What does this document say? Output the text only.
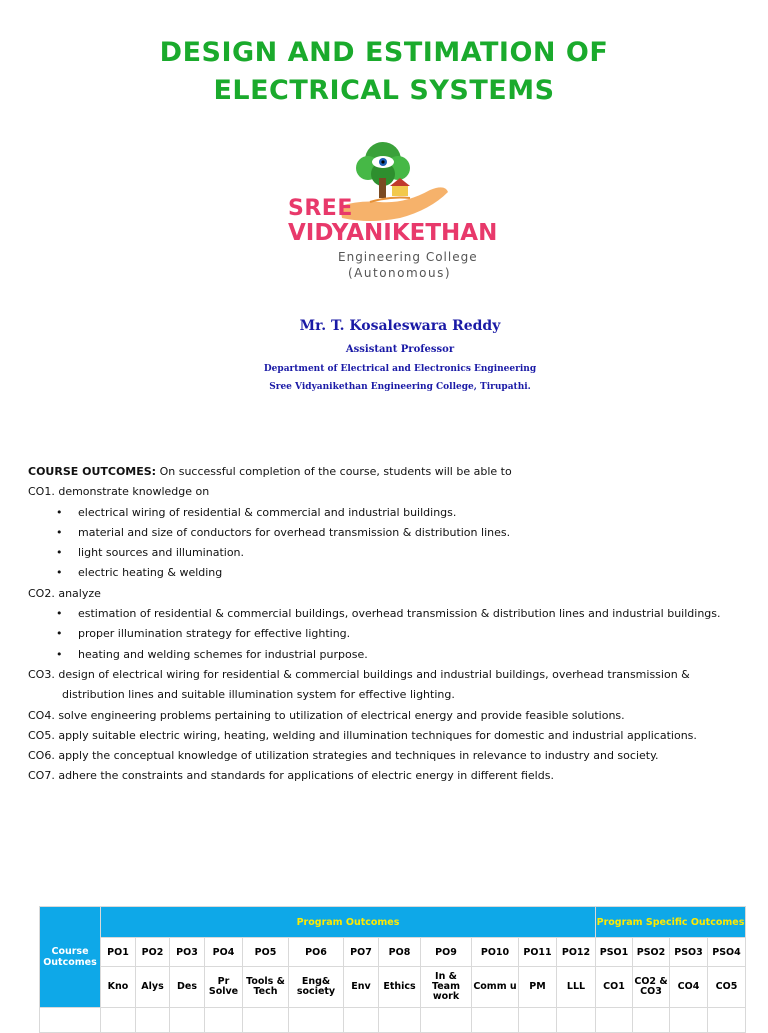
DESIGN AND ESTIMATION OF
ELECTRICAL SYSTEMS
SREE
VIDYANIKETHAN
Engineering College
(Autonomous)
Mr. T. Kosaleswara Reddy
Assistant Professor
Department of Electrical and Electronics Engineering
Sree Vidyanikethan Engineering College, Tirupathi.

COURSE OUTCOMES: On successful completion of the course, students will be able to

CO1. demonstrate knowledge on

• electrical wiring of residential & commercial and industrial buildings.
• material and size of conductors for overhead transmission & distribution lines.
• light sources and illumination.
• electric heating & welding

CO2. analyze

• estimation of residential & commercial buildings, overhead transmission & distribution lines and industrial buildings.
• proper illumination strategy for effective lighting.
• heating and welding schemes for industrial purpose.

CO3. design of electrical wiring for residential & commercial buildings and industrial buildings, overhead transmission &

distribution lines and suitable illumination system for effective lighting.

CO4. solve engineering problems pertaining to utilization of electrical energy and provide feasible solutions.

CO5. apply suitable electric wiring, heating, welding and illumination techniques for domestic and industrial applications.

CO6. apply the conceptual knowledge of utilization strategies and techniques in relevance to industry and society.

CO7. adhere the constraints and standards for applications of electric energy in different fields.

Course Outcomes	Program Outcomes												Program Specific Outcomes			
	PO1	PO2	PO3	PO4	PO5	PO6	PO7	PO8	PO9	PO10	PO11	PO12	PSO1	PSO2	PSO3	PSO4
	Kno	Alys	Des	Pr Solve	Tools & Tech	Eng& society	Env	Ethics	In & Team work	Comm u	PM	LLL	CO1	CO2 & CO3	CO4	CO5
